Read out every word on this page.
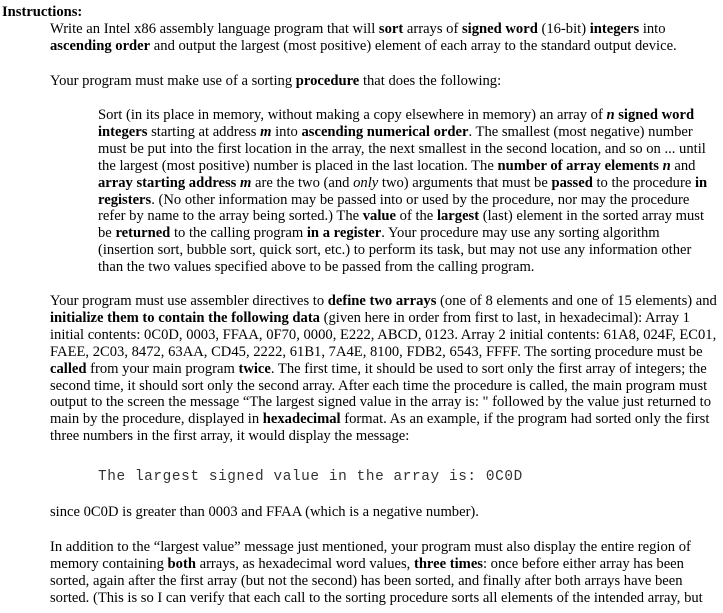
Instructions:

Write an Intel x86 assembly language program that will sort arrays of signed word (16-bit) integers into ascending order and output the largest (most positive) element of each array to the standard output device.

Your program must make use of a sorting procedure that does the following:

Sort (in its place in memory, without making a copy elsewhere in memory) an array of n signed word integers starting at address m into ascending numerical order. The smallest (most negative) number must be put into the first location in the array, the next smallest in the second location, and so on ... until the largest (most positive) number is placed in the last location. The number of array elements n and array starting address m are the two (and only two) arguments that must be passed to the procedure in registers. (No other information may be passed into or used by the procedure, nor may the procedure refer by name to the array being sorted.) The value of the largest (last) element in the sorted array must be returned to the calling program in a register. Your procedure may use any sorting algorithm (insertion sort, bubble sort, quick sort, etc.) to perform its task, but may not use any information other than the two values specified above to be passed from the calling program.

Your program must use assembler directives to define two arrays (one of 8 elements and one of 15 elements) and initialize them to contain the following data (given here in order from first to last, in hexadecimal): Array 1 initial contents: 0C0D, 0003, FFAA, 0F70, 0000, E222, ABCD, 0123. Array 2 initial contents: 61A8, 024F, EC01, FAEE, 2C03, 8472, 63AA, CD45, 2222, 61B1, 7A4E, 8100, FDB2, 6543, FFFF. The sorting procedure must be called from your main program twice. The first time, it should be used to sort only the first array of integers; the second time, it should sort only the second array. After each time the procedure is called, the main program must output to the screen the message “The largest signed value in the array is: " followed by the value just returned to main by the procedure, displayed in hexadecimal format. As an example, if the program had sorted only the first three numbers in the first array, it would display the message:

The largest signed value in the array is: 0C0D

since 0C0D is greater than 0003 and FFAA (which is a negative number).

In addition to the “largest value” message just mentioned, your program must also display the entire region of memory containing both arrays, as hexadecimal word values, three times: once before either array has been sorted, again after the first array (but not the second) has been sorted, and finally after both arrays have been sorted. (This is so I can verify that each call to the sorting procedure sorts all elements of the intended array, but
